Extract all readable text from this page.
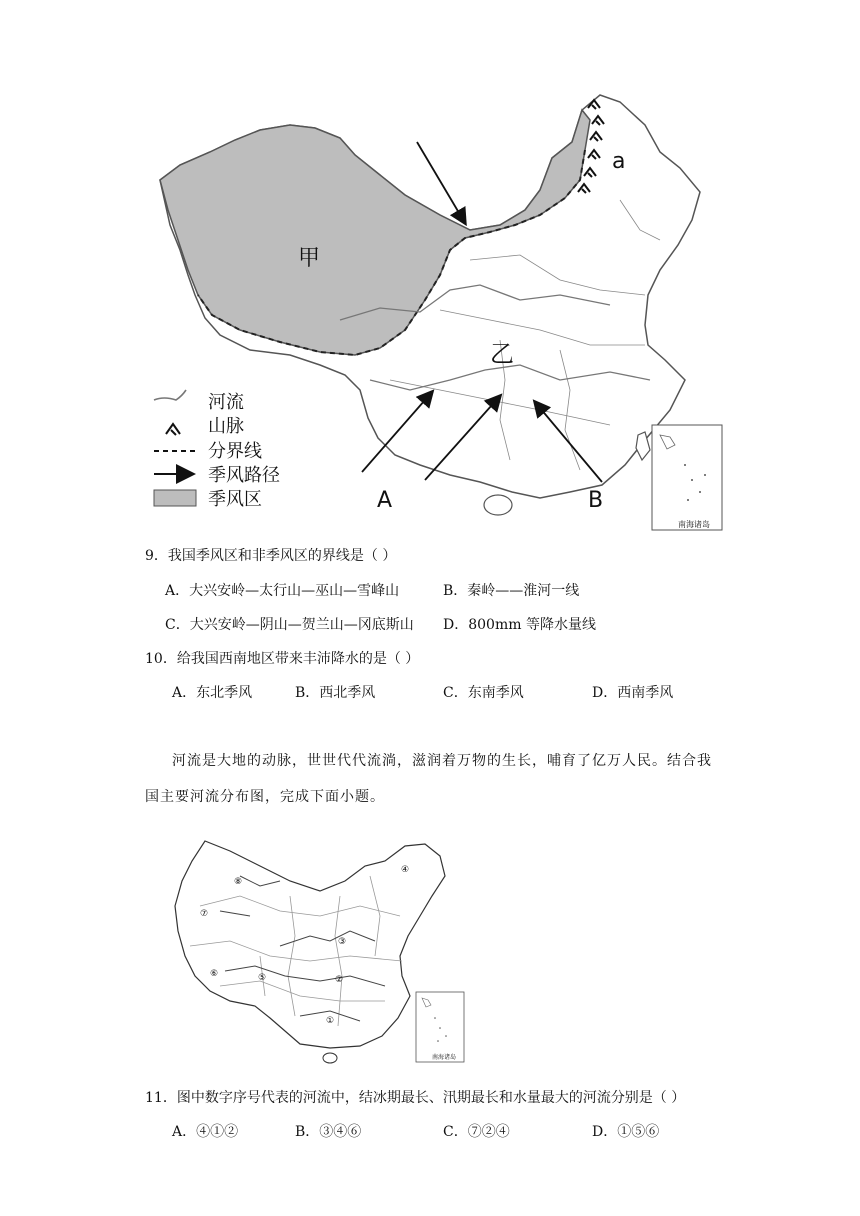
a
甲
乙
A	B
南海诸岛
河流
山脉
分界线
季风路径
季风区
9．我国季风区和非季风区的界线是（ ）
A．大兴安岭—太行山—巫山—雪峰山	B．秦岭——淮河一线
C．大兴安岭—阴山—贺兰山—冈底斯山 D．800mm 等降水量线
10．给我国西南地区带来丰沛降水的是（ ）
A．东北季风	B．西北季风	C．东南季风	D．西南季风
河流是大地的动脉，世世代代流淌，滋润着万物的生长，哺育了亿万人民。结合我
国主要河流分布图，完成下面小题。
④
⑧
⑦
③
②
⑥	⑤
①
南海诸岛
11．图中数字序号代表的河流中，结冰期最长、汛期最长和水量最大的河流分别是（ ）
A．④①②	B．③④⑥	C．⑦②④	D．①⑤⑥
